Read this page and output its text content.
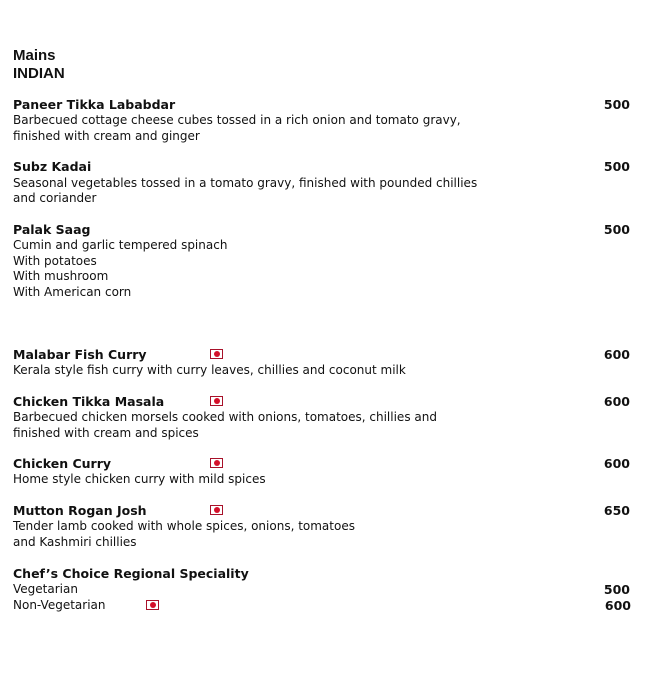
Mains
INDIAN
Paneer Tikka Lababdar	500
Barbecued cottage cheese cubes tossed in a rich onion and tomato gravy,
finished with cream and ginger
Subz Kadai	500
Seasonal vegetables tossed in a tomato gravy, finished with pounded chillies
and coriander
Palak Saag	500
Cumin and garlic tempered spinach
With potatoes
With mushroom
With American corn
Malabar Fish Curry	600
Kerala style fish curry with curry leaves, chillies and coconut milk
Chicken Tikka Masala	600
Barbecued chicken morsels cooked with onions, tomatoes, chillies and
finished with cream and spices
Chicken Curry	600
Home style chicken curry with mild spices
Mutton Rogan Josh	650
Tender lamb cooked with whole spices, onions, tomatoes
and Kashmiri chillies
Chef’s Choice Regional Speciality
Vegetarian	500
Non-Vegetarian	600
